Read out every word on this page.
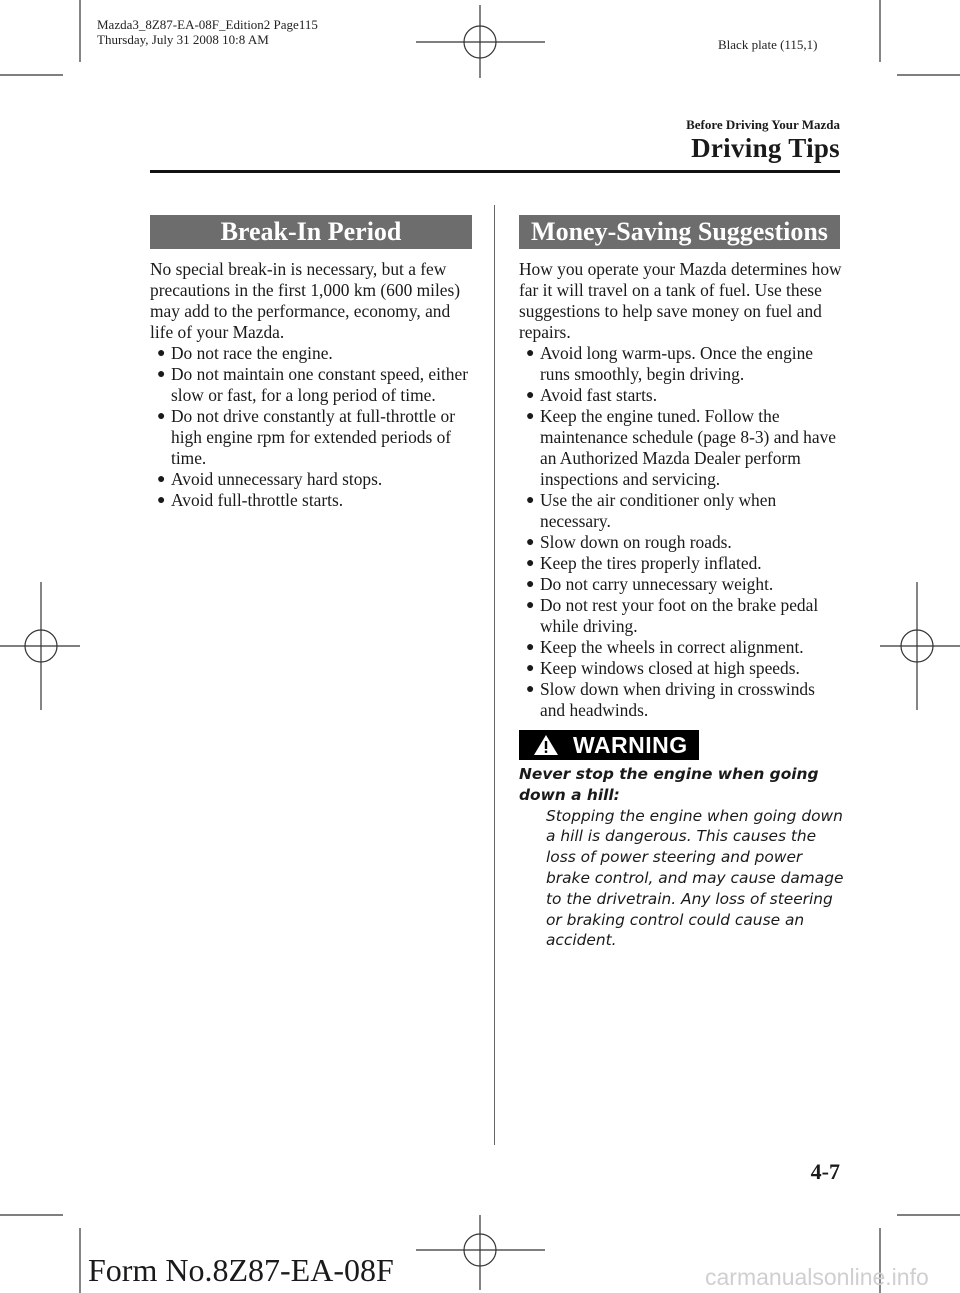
Mazda3_8Z87-EA-08F_Edition2 Page115
Thursday, July 31 2008 10:8 AM	Black plate (115,1)
Before Driving Your Mazda
Driving Tips
Break-In Period

No special break-in is necessary, but a few precautions in the first 1,000 km (600 miles) may add to the performance, economy, and life of your Mazda.

● Do not race the engine.
● Do not maintain one constant speed, either slow or fast, for a long period of time.
● Do not drive constantly at full-throttle or high engine rpm for extended periods of time.
● Avoid unnecessary hard stops.
● Avoid full-throttle starts.
Money-Saving Suggestions

How you operate your Mazda determines how far it will travel on a tank of fuel. Use these suggestions to help save money on fuel and repairs.

● Avoid long warm-ups. Once the engine runs smoothly, begin driving.
● Avoid fast starts.
● Keep the engine tuned. Follow the maintenance schedule (page 8-3) and have an Authorized Mazda Dealer perform inspections and servicing.
● Use the air conditioner only when necessary.
● Slow down on rough roads.
● Keep the tires properly inflated.
● Do not carry unnecessary weight.
● Do not rest your foot on the brake pedal while driving.
● Keep the wheels in correct alignment.
● Keep windows closed at high speeds.
● Slow down when driving in crosswinds and headwinds.
WARNING
Never stop the engine when going down a hill:
Stopping the engine when going down a hill is dangerous. This causes the loss of power steering and power brake control, and may cause damage to the drivetrain. Any loss of steering or braking control could cause an accident.
4-7
Form No.8Z87-EA-08F	carmanualsonline.info
